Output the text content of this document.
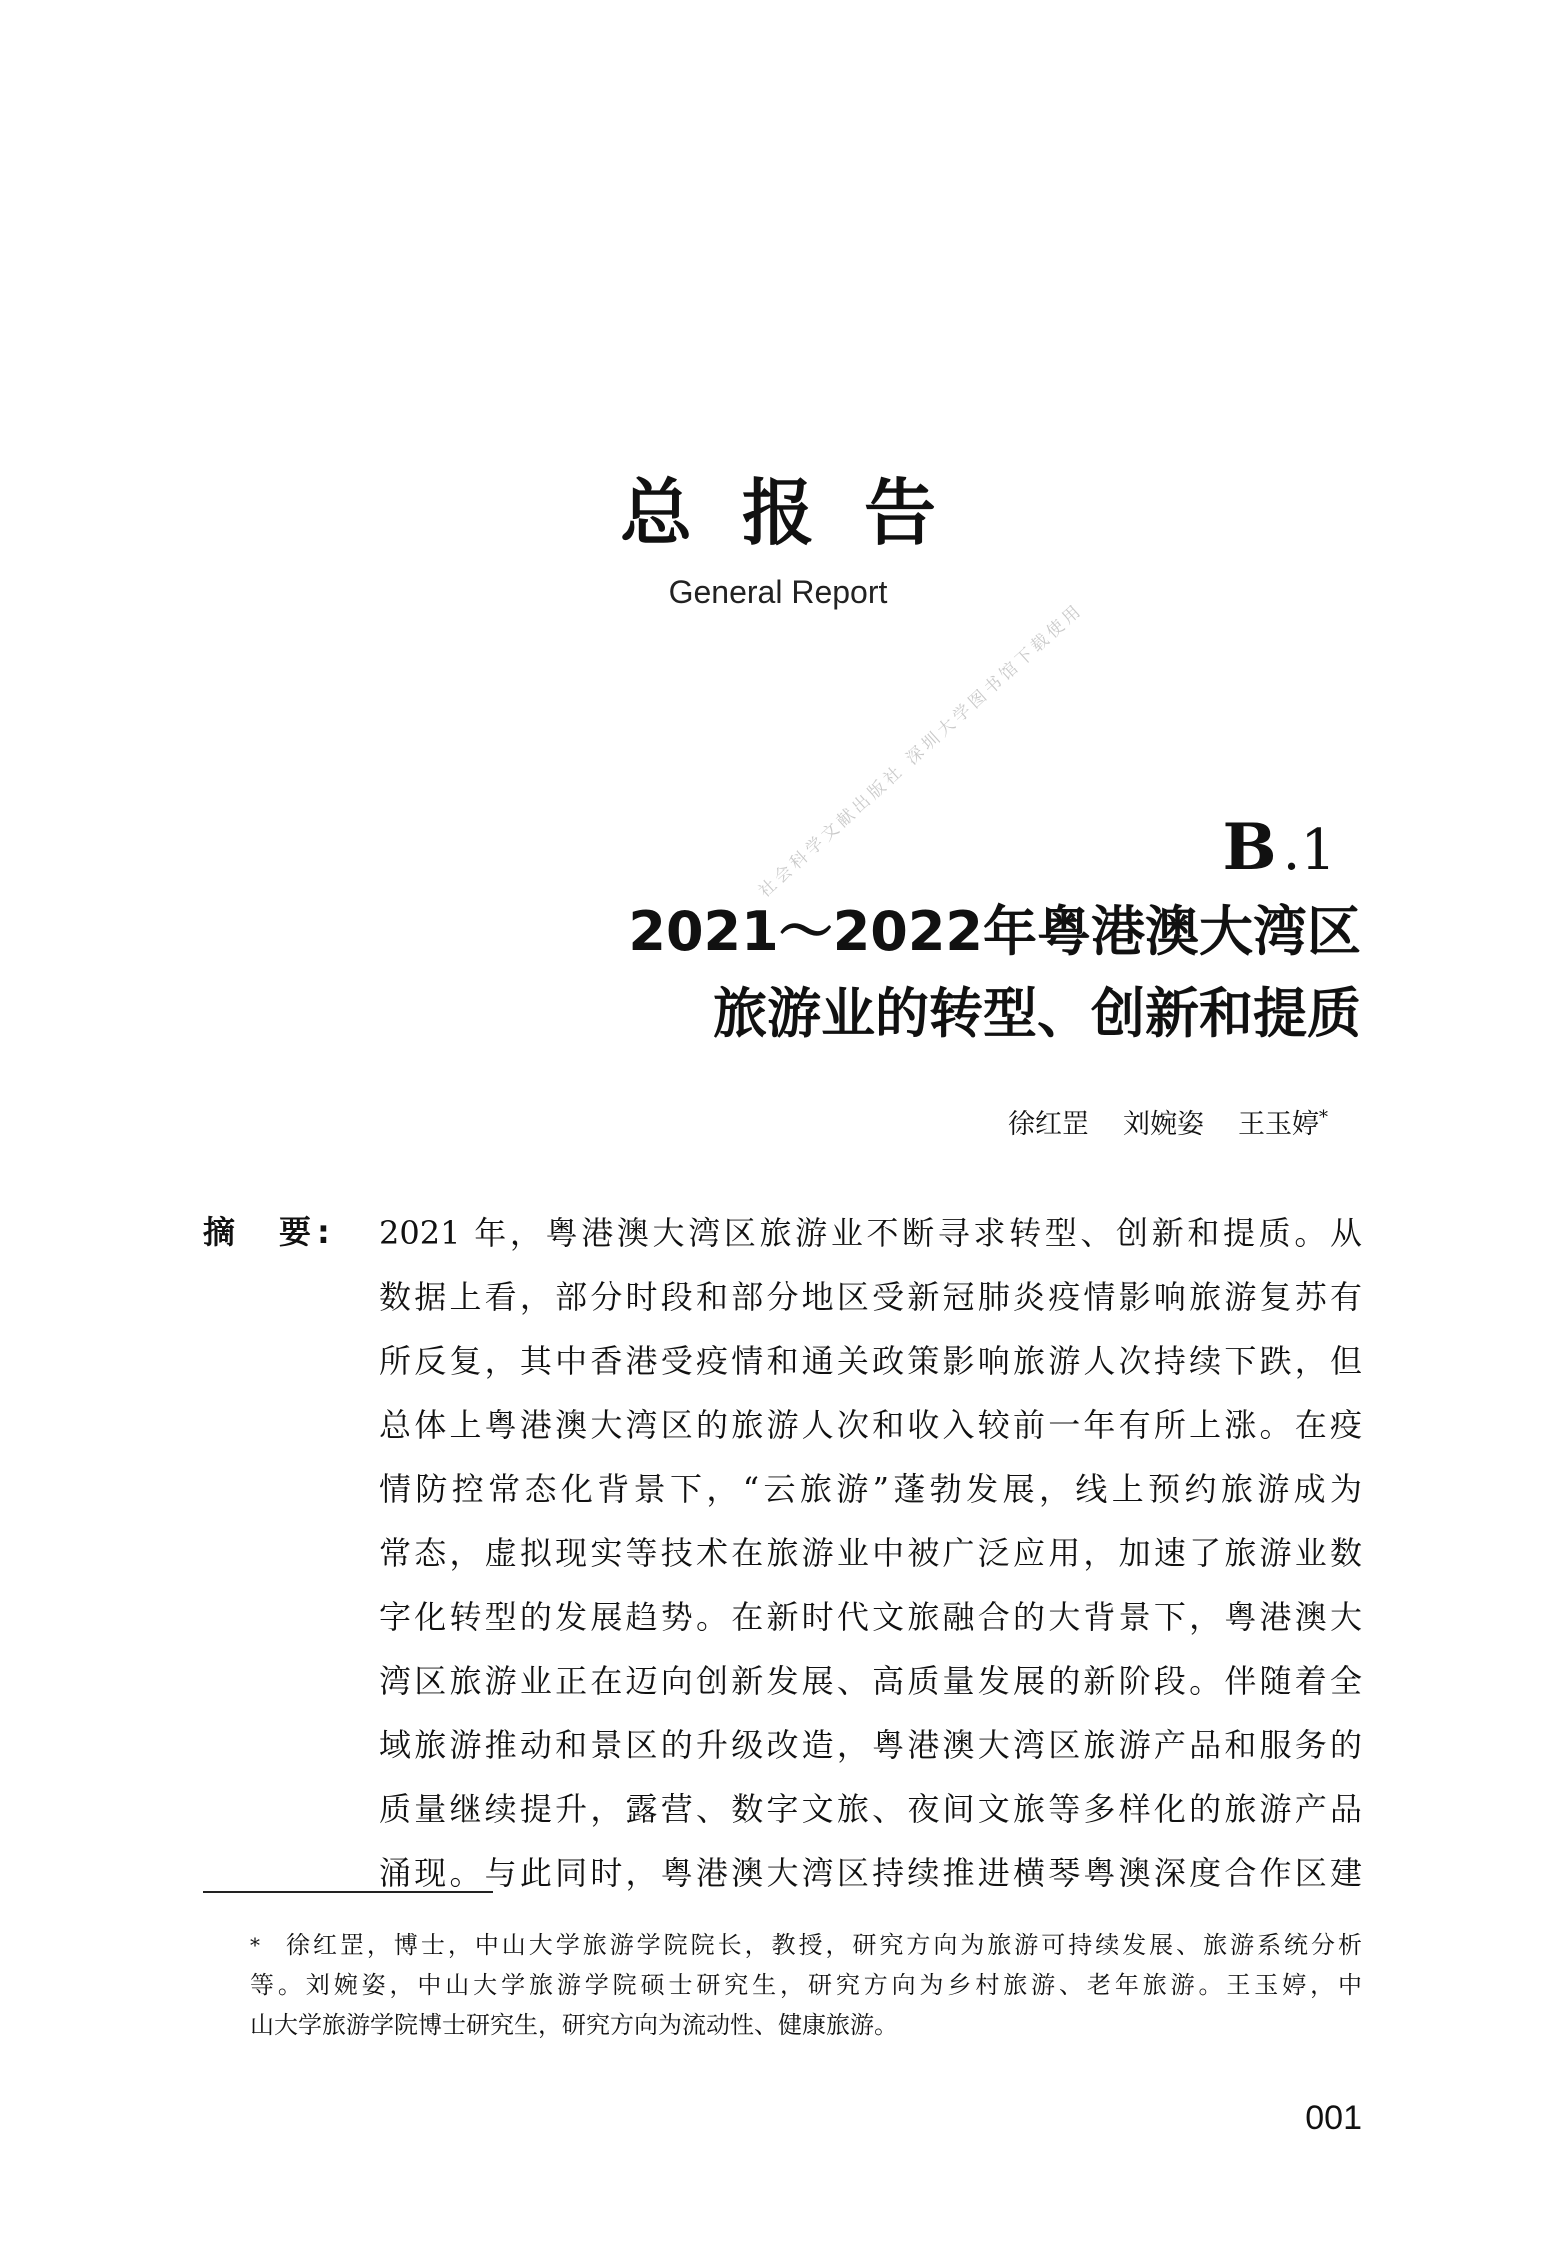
总报告
General Report
社会科学文献出版社 深圳大学图书馆下载使用	B .1
2021～2022年粤港澳大湾区
旅游业的转型、创新和提质
徐红罡 刘婉姿 王玉婷*
摘　要: 2021 年，粤港澳大湾区旅游业不断寻求转型、创新和提质。从
数据上看，部分时段和部分地区受新冠肺炎疫情影响旅游复苏有
所反复，其中香港受疫情和通关政策影响旅游人次持续下跌，但
总体上粤港澳大湾区的旅游人次和收入较前一年有所上涨。在疫
情防控常态化背景下，“云旅游”蓬勃发展，线上预约旅游成为
常态，虚拟现实等技术在旅游业中被广泛应用，加速了旅游业数
字化转型的发展趋势。在新时代文旅融合的大背景下，粤港澳大
湾区旅游业正在迈向创新发展、高质量发展的新阶段。伴随着全
域旅游推动和景区的升级改造，粤港澳大湾区旅游产品和服务的
质量继续提升，露营、数字文旅、夜间文旅等多样化的旅游产品
涌现。与此同时，粤港澳大湾区持续推进横琴粤澳深度合作区建
*	徐红罡，博士，中山大学旅游学院院长，教授，研究方向为旅游可持续发展、旅游系统分析
等。刘婉姿，中山大学旅游学院硕士研究生，研究方向为乡村旅游、老年旅游。王玉婷，中
山大学旅游学院博士研究生，研究方向为流动性、健康旅游。
001
